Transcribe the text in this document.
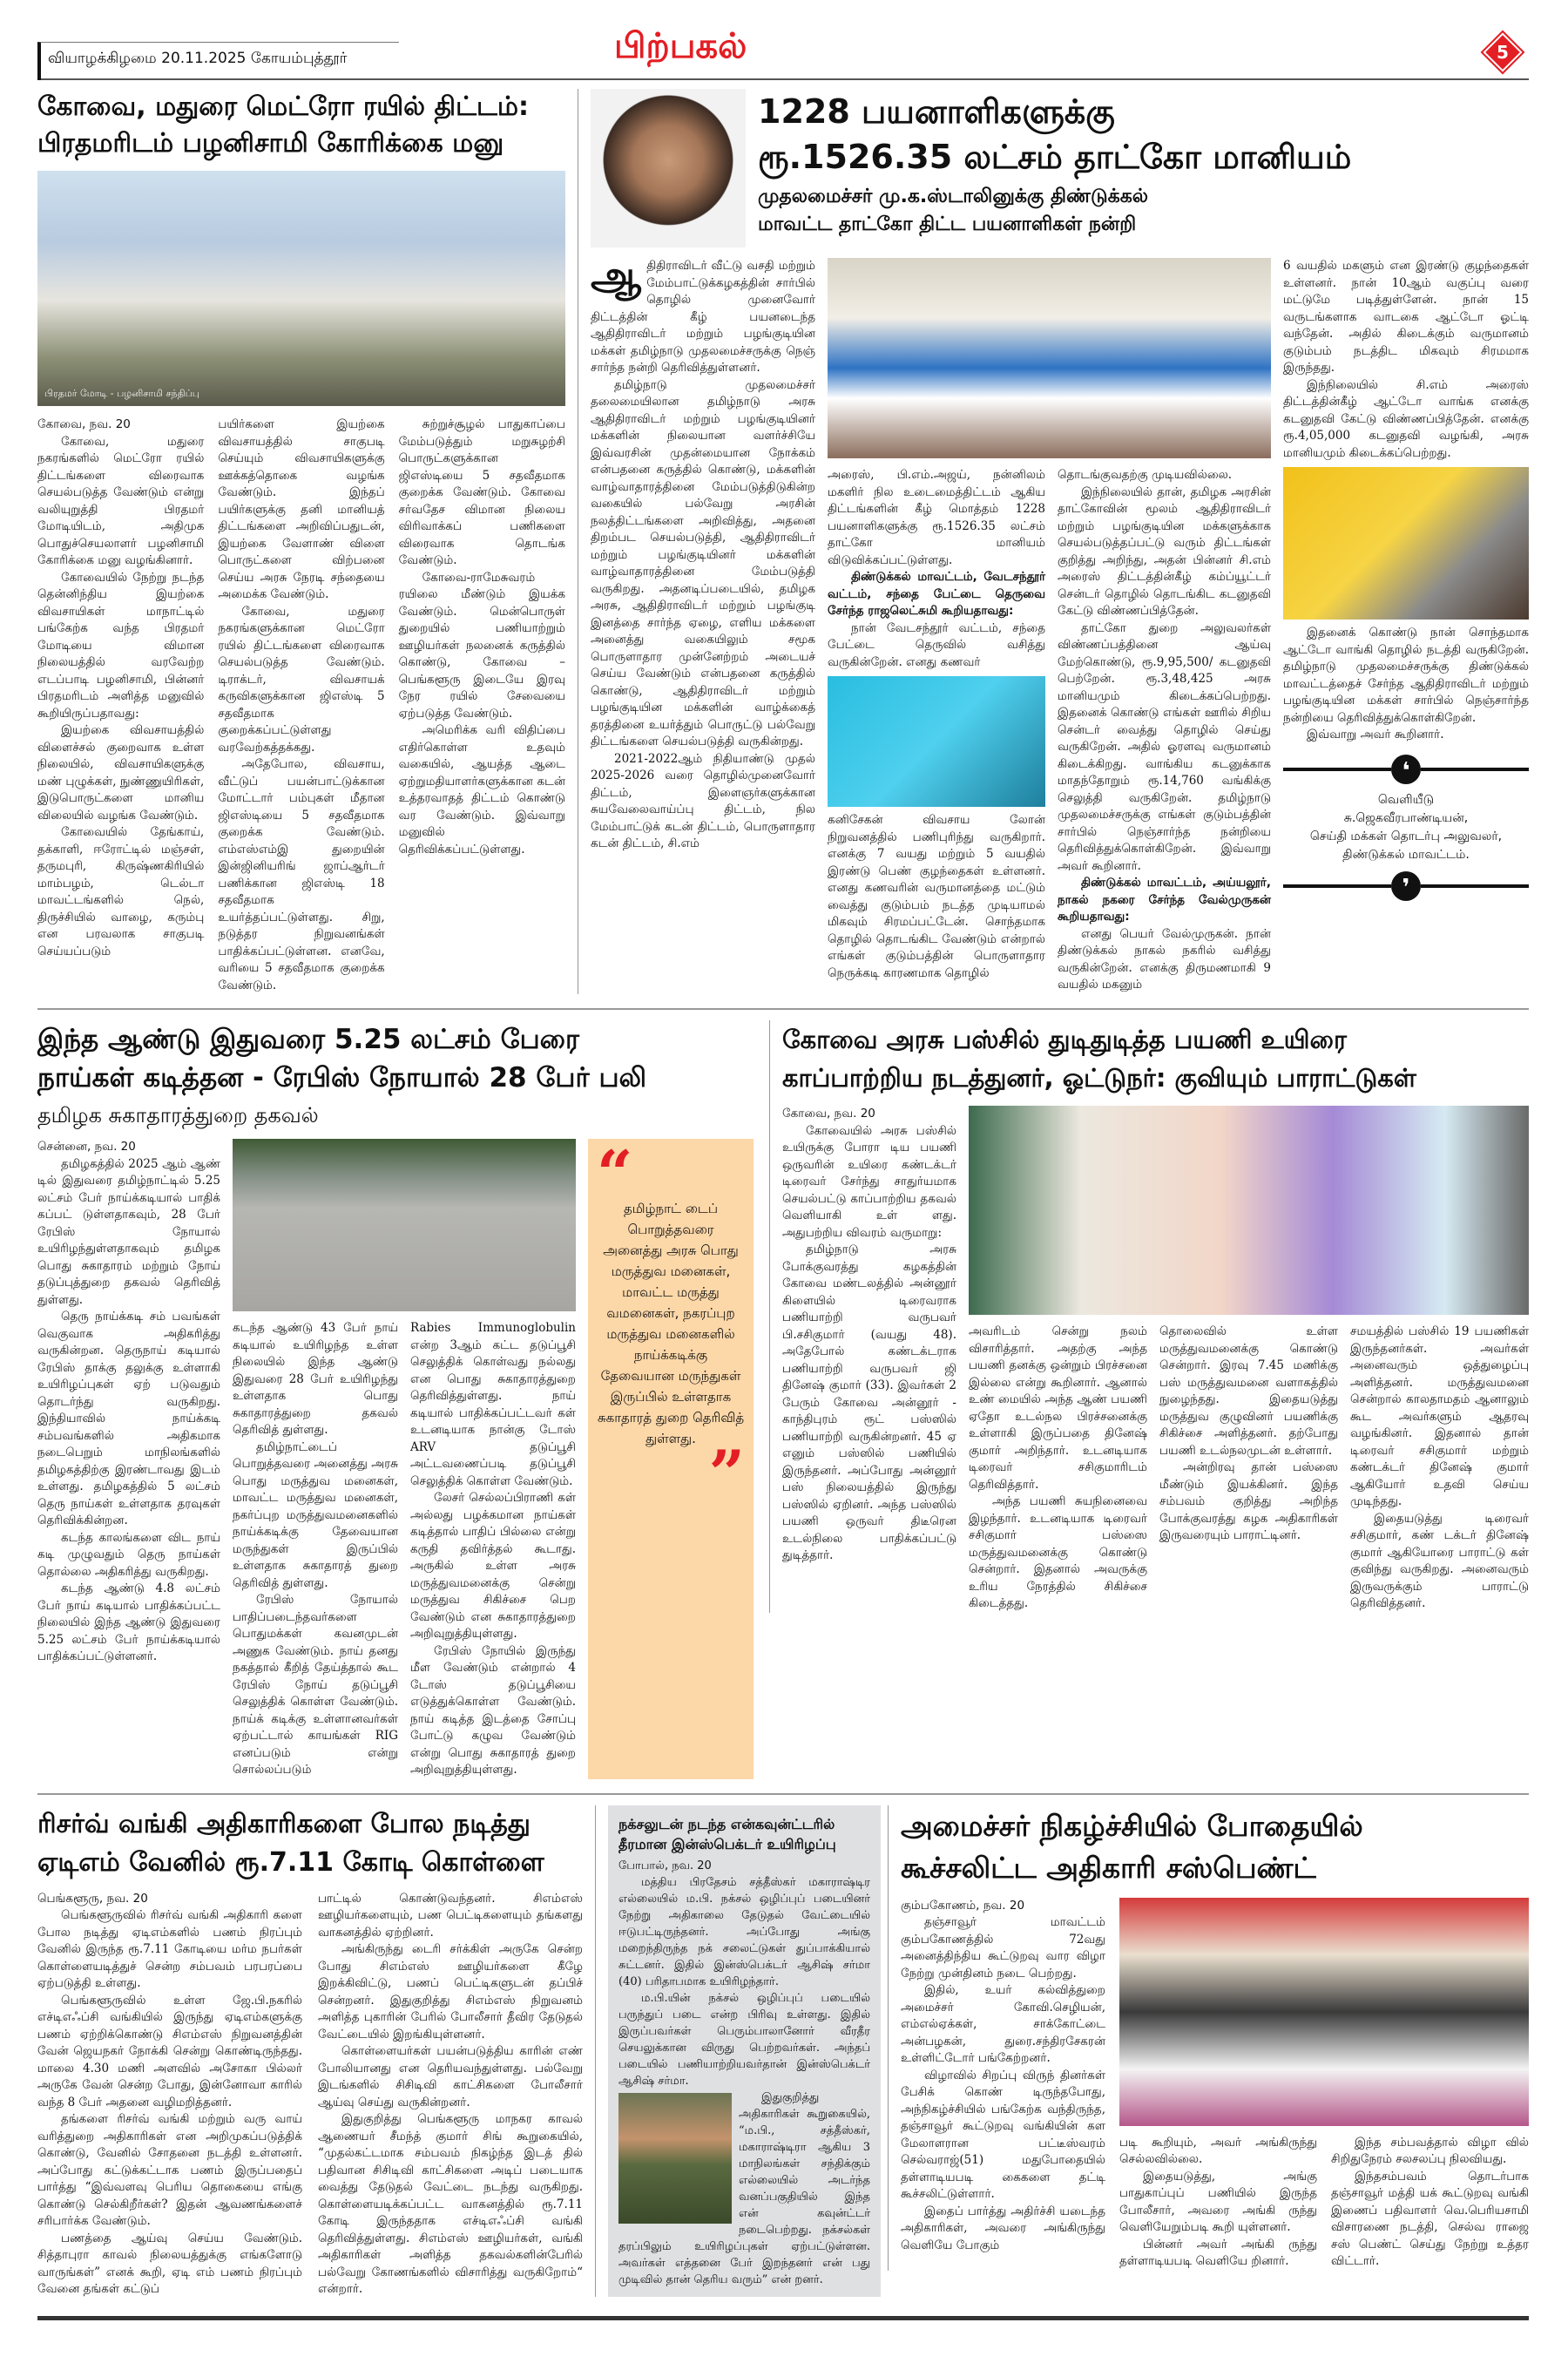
வியாழக்கிழமை 20.11.2025 கோயம்புத்தூர்	பிற்பகல்	5
கோவை, மதுரை மெட்ரோ ரயில் திட்டம்:
பிரதமரிடம் பழனிசாமி கோரிக்கை மனு
பிரதமர் மோடி - பழனிசாமி சந்திப்பு

கோவை, நவ. 20

கோவை, மதுரை நகரங்களில் மெட்ரோ ரயில் திட்டங்களை விரைவாக செயல்படுத்த வேண்டும் என்று வலியுறுத்தி பிரதமர் மோடியிடம், அதிமுக பொதுச்செயலாளர் பழனிசாமி கோரிக்கை மனு வழங்கினார்.

கோவையில் நேற்று நடந்த தென்னிந்திய இயற்கை விவசாயிகள் மாநாட்டில் பங்கேற்க வந்த பிரதமர் மோடியை விமான நிலையத்தில் வரவேற்ற எடப்பாடி பழனிசாமி, பின்னர் பிரதமரிடம் அளித்த மனுவில் கூறியிருப்பதாவது:

இயற்கை விவசாயத்தில் விளைச்சல் குறைவாக உள்ள நிலையில், விவசாயிகளுக்கு மண் புழுக்கள், நுண்ணுயிரிகள், இடுபொருட்களை மானிய விலையில் வழங்க வேண்டும்.

கோவையில் தேங்காய், தக்காளி, ஈரோட்டில் மஞ்சள், தருமபுரி, கிருஷ்ணகிரியில் மாம்பழம், டெல்டா மாவட்டங்களில் நெல், திருச்சியில் வாழை, கரும்பு என பரவலாக சாகுபடி செய்யப்படும்

பயிர்களை இயற்கை விவசாயத்தில் சாகுபடி செய்யும் விவசாயிகளுக்கு ஊக்கத்தொகை வழங்க வேண்டும். இந்தப் பயிர்களுக்கு தனி மானியத் திட்டங்களை அறிவிப்பதுடன், இயற்கை வேளாண் விளை பொருட்களை விற்பனை செய்ய அரசு நேரடி சந்தையை அமைக்க வேண்டும்.

கோவை, மதுரை நகரங்களுக்கான மெட்ரோ ரயில் திட்டங்களை விரைவாக செயல்படுத்த வேண்டும். டிராக்டர், விவசாயக் கருவிகளுக்கான ஜிஎஸ்டி 5 சதவீதமாக குறைக்கப்பட்டுள்ளது வரவேற்கத்தக்கது.

அதேபோல, விவசாய, வீட்டுப் பயன்பாட்டுக்கான மோட்டார் பம்புகள் மீதான ஜிஎஸ்டியை 5 சதவீதமாக குறைக்க வேண்டும். எம்எஸ்எம்இ துறையின் இன்ஜினியரிங் ஜாப்ஆர்டர் பணிக்கான ஜிஎஸ்டி 18 சதவீதமாக உயர்த்தப்பட்டுள்ளது. சிறு, நடுத்தர நிறுவனங்கள் பாதிக்கப்பட்டுள்ளன. எனவே, வரியை 5 சதவீதமாக குறைக்க வேண்டும்.

சுற்றுச்சூழல் பாதுகாப்பை மேம்படுத்தும் மறுசுழற்சி பொருட்களுக்கான ஜிஎஸ்டியை 5 சதவீதமாக குறைக்க வேண்டும். கோவை சர்வதேச விமான நிலைய விரிவாக்கப் பணிகளை விரைவாக தொடங்க வேண்டும்.

கோவை-ராமேசுவரம் ரயிலை மீண்டும் இயக்க வேண்டும். மென்பொருள் துறையில் பணியாற்றும் ஊழியர்கள் நலனைக் கருத்தில் கொண்டு, கோவை – பெங்களூரு இடையே இரவு நேர ரயில் சேவையை ஏற்படுத்த வேண்டும்.

அமெரிக்க வரி விதிப்பை எதிர்கொள்ள உதவும் வகையில், ஆயத்த ஆடை ஏற்றுமதியாளர்களுக்கான கடன் உத்தரவாதத் திட்டம் கொண்டு வர வேண்டும். இவ்வாறு மனுவில் தெரிவிக்கப்பட்டுள்ளது.

1228 பயனாளிகளுக்கு
ரூ.1526.35 லட்சம் தாட்கோ மானியம்
முதலமைச்சர் மு.க.ஸ்டாலினுக்கு திண்டுக்கல்
மாவட்ட தாட்கோ திட்ட பயனாளிகள் நன்றி
ஆ திதிராவிடர் வீட்டு வசதி மற்றும் மேம்பாட்டுக்கழகத்தின் சார்பில் தொழில் முனைவோர் திட்டத்தின் கீழ் பயனடைந்த ஆதிதிராவிடர் மற்றும் பழங்குடியின மக்கள் தமிழ்நாடு முதலமைச்சருக்கு நெஞ் சார்ந்த நன்றி தெரிவித்துள்ளனர்.

தமிழ்நாடு முதலமைச்சர் தலைமையிலான தமிழ்நாடு அரசு ஆதிதிராவிடர் மற்றும் பழங்குடியினர் மக்களின் நிலையான வளர்ச்சியே இவ்வரசின் முதன்மையான நோக்கம் என்பதனை கருத்தில் கொண்டு, மக்களின் வாழ்வாதாரத்தினை மேம்படுத்திடுகின்ற வகையில் பல்வேறு அரசின் நலத்திட்டங்களை அறிவித்து, அதனை திறம்பட செயல்படுத்தி, ஆதிதிராவிடர் மற்றும் பழங்குடியினர் மக்களின் வாழ்வாதாரத்தினை மேம்படுத்தி வருகிறது. அதனடிப்படையில், தமிழக அரசு, ஆதிதிராவிடர் மற்றும் பழங்குடி இனத்தை சார்ந்த ஏழை, எளிய மக்களை அனைத்து வகையிலும் சமூக பொருளாதார முன்னேற்றம் அடையச் செய்ய வேண்டும் என்பதனை கருத்தில் கொண்டு, ஆதிதிராவிடர் மற்றும் பழங்குடியின மக்களின் வாழ்க்கைத் தரத்தினை உயர்த்தும் பொருட்டு பல்வேறு திட்டங்களை செயல்படுத்தி வருகின்றது.

2021-2022ஆம் நிதியாண்டு முதல் 2025-2026 வரை தொழில்முனைவோர் திட்டம், இளைஞர்களுக்கான சுயவேலைவாய்ப்பு திட்டம், நில மேம்பாட்டுக் கடன் திட்டம், பொருளாதார கடன் திட்டம், சி.எம்

அரைஸ், பி.எம்.அஜய், நன்னிலம் மகளிர் நில உடைமைத்திட்டம் ஆகிய திட்டங்களின் கீழ் மொத்தம் 1228 பயனாளிகளுக்கு ரூ.1526.35 லட்சம் தாட்கோ மானியம் விடுவிக்கப்பட்டுள்ளது.

திண்டுக்கல் மாவட்டம், வேடசந்தூர் வட்டம், சந்தை பேட்டை தெருவை சேர்ந்த ராஜலெட்சுமி கூறியதாவது:

நான் வேடசந்தூர் வட்டம், சந்தை பேட்டை தெருவில் வசித்து வருகின்றேன். எனது கணவர்

கனிசேகன் விவசாய லோன் நிறுவனத்தில் பணிபுரிந்து வருகிறார். எனக்கு 7 வயது மற்றும் 5 வயதில் இரண்டு பெண் குழந்தைகள் உள்ளனர். எனது கணவரின் வருமானத்தை மட்டும் வைத்து குடும்பம் நடத்த முடியாமல் மிகவும் சிரமப்பட்டேன். சொந்தமாக தொழில் தொடங்கிட வேண்டும் என்றால் எங்கள் குடும்பத்தின் பொருளாதார நெருக்கடி காரணமாக தொழில்

தொடங்குவதற்கு முடியவில்லை.

இந்நிலையில் தான், தமிழக அரசின் தாட்கோவின் மூலம் ஆதிதிராவிடர் மற்றும் பழங்குடியின மக்களுக்காக செயல்படுத்தப்பட்டு வரும் திட்டங்கள் குறித்து அறிந்து, அதன் பின்னர் சி.எம் அரைஸ் திட்டத்தின்கீழ் கம்ப்யூட்டர் சென்டர் தொழில் தொடங்கிட கடனுதவி கேட்டு விண்ணப்பித்தேன்.

தாட்கோ துறை அலுவலர்கள் விண்ணப்பத்தினை ஆய்வு மேற்கொண்டு, ரூ.9,95,500/ கடனுதவி பெற்றேன். ரூ.3,48,425 அரசு மானியமும் கிடைக்கப்பெற்றது. இதனைக் கொண்டு எங்கள் ஊரில் சிறிய சென்டர் வைத்து தொழில் செய்து வருகிறேன். அதில் ஓரளவு வருமானம் கிடைக்கிறது. வாங்கிய கடனுக்காக மாதந்தோறும் ரூ.14,760 வங்கிக்கு செலுத்தி வருகிறேன். தமிழ்நாடு முதலமைச்சருக்கு எங்கள் குடும்பத்தின் சார்பில் நெஞ்சார்ந்த நன்றியை தெரிவித்துக்கொள்கிறேன். இவ்வாறு அவர் கூறினார்.

திண்டுக்கல் மாவட்டம், அய்யலூர், நாகல் நகரை சேர்ந்த வேல்முருகன் கூறியதாவது:

எனது பெயர் வேல்முருகன். நான் திண்டுக்கல் நாகல் நகரில் வசித்து வருகின்றேன். எனக்கு திருமணமாகி 9 வயதில் மகனும்

6 வயதில் மகளும் என இரண்டு குழந்தைகள் உள்ளனர். நான் 10ஆம் வகுப்பு வரை மட்டுமே படித்துள்ளேன். நான் 15 வருடங்களாக வாடகை ஆட்டோ ஓட்டி வந்தேன். அதில் கிடைக்கும் வருமானம் குடும்பம் நடத்திட மிகவும் சிரமமாக இருந்தது.

இந்நிலையில் சி.எம் அரைஸ் திட்டத்தின்கீழ் ஆட்டோ வாங்க எனக்கு கடனுதவி கேட்டு விண்ணப்பித்தேன். எனக்கு ரூ.4,05,000 கடனுதவி வழங்கி, அரசு மானியமும் கிடைக்கப்பெற்றது.

இதனைக் கொண்டு நான் சொந்தமாக ஆட்டோ வாங்கி தொழில் நடத்தி வருகிறேன். தமிழ்நாடு முதலமைச்சருக்கு திண்டுக்கல் மாவட்டத்தைச் சேர்ந்த ஆதிதிராவிடர் மற்றும் பழங்குடியின மக்கள் சார்பில் நெஞ்சார்ந்த நன்றியை தெரிவித்துக்கொள்கிறேன்.

இவ்வாறு அவர் கூறினார்.

❛
வெளியீடு
சு.ஜெகவீரபாண்டியன்,
செய்தி மக்கள் தொடர்பு அலுவலர்,
திண்டுக்கல் மாவட்டம்.
❜
இந்த ஆண்டு இதுவரை 5.25 லட்சம் பேரை
நாய்கள் கடித்தன - ரேபிஸ் நோயால் 28 பேர் பலி
தமிழக சுகாதாரத்துறை தகவல்

சென்னை, நவ. 20

தமிழகத்தில் 2025 ஆம் ஆண் டில் இதுவரை தமிழ்நாட்டில் 5.25 லட்சம் பேர் நாய்க்கடியால் பாதிக் கப்பட் டுள்ளதாகவும், 28 பேர் ரேபிஸ் நோயால் உயிரிழந்துள்ளதாகவும் தமிழக பொது சுகாதாரம் மற்றும் நோய் தடுப்புத்துறை தகவல் தெரிவித் துள்ளது.

தெரு நாய்க்கடி சம் பவங்கள் வெகுவாக அதிகரித்து வருகின்றன. தெருநாய் கடியால் ரேபிஸ் தாக்கு தலுக்கு உள்ளாகி உயிரிழப்புகள் ஏற் படுவதும் தொடர்ந்து வருகிறது. இந்தியாவில் நாய்க்கடி சம்பவங்களில் அதிகமாக நடைபெறும் மாநிலங்களில் தமிழகத்திற்கு இரண்டாவது இடம் உள்ளது. தமிழகத்தில் 5 லட்சம் தெரு நாய்கள் உள்ளதாக தரவுகள் தெரிவிக்கின்றன.

கடந்த காலங்களை விட நாய் கடி முழுவதும் தெரு நாய்கள் தொல்லை அதிகரித்து வருகிறது.

கடந்த ஆண்டு 4.8 லட்சம் பேர் நாய் கடியால் பாதிக்கப்பட்ட நிலையில் இந்த ஆண்டு இதுவரை 5.25 லட்சம் பேர் நாய்க்கடியால் பாதிக்கப்பட்டுள்ளனர்.

கடந்த ஆண்டு 43 பேர் நாய் கடியால் உயிரிழந்த உள்ள நிலையில் இந்த ஆண்டு இதுவரை 28 பேர் உயிரிழந்து உள்ளதாக பொது சுகாதாரத்துறை தகவல் தெரிவித் துள்ளது.

தமிழ்நாட்டைப் பொறுத்தவரை அனைத்து அரசு பொது மருத்துவ மனைகள், மாவட்ட மருத்துவ மனைகள், நகர்ப்புற மருத்துவமனைகளில் நாய்க்கடிக்கு தேவையான மருந்துகள் இருப்பில் உள்ளதாக சுகாதாரத் துறை தெரிவித் துள்ளது.

ரேபிஸ் நோயால் பாதிப்படைந்தவர்களை பொதுமக்கள் கவனமுடன் அணுக வேண்டும். நாய் தனது நகத்தால் கீறித் தேய்த்தால் கூட ரேபிஸ் நோய் தடுப்பூசி செலுத்திக் கொள்ள வேண்டும். நாய்க் கடிக்கு உள்ளானவர்கள் ஏற்பட்டால் காயங்கள் RIG எனப்படும் என்று சொல்லப்படும்

Rabies Immunoglobulin என்ற 3ஆம் கட்ட தடுப்பூசி செலுத்திக் கொள்வது நல்லது என பொது சுகாதாரத்துறை தெரிவித்துள்ளது. நாய் கடியால் பாதிக்கப்பட்டவர் கள் உடனடியாக நான்கு டோஸ் ARV தடுப்பூசி அட்டவணைப்படி தடுப்பூசி செலுத்திக் கொள்ள வேண்டும்.

லேசர் செல்லப்பிராணி கள் அல்லது பழக்கமான நாய்கள் கடித்தால் பாதிப் பில்லை என்று கருதி தவிர்த்தல் கூடாது. அருகில் உள்ள அரசு மருத்துவமனைக்கு சென்று மருத்துவ சிகிச்சை பெற வேண்டும் என சுகாதாரத்துறை அறிவுறுத்தியுள்ளது.

ரேபிஸ் நோயில் இருந்து மீள வேண்டும் என்றால் 4 டோஸ் தடுப்பூசியை எடுத்துக்கொள்ள வேண்டும். நாய் கடித்த இடத்தை சோப்பு போட்டு கழுவ வேண்டும் என்று பொது சுகாதாரத் துறை அறிவுறுத்தியுள்ளது.

“
தமிழ்நாட் டைப் பொறுத்தவரை அனைத்து அரசு பொது மருத்துவ மனைகள், மாவட்ட மருத்து வமனைகள், நகரப்புற மருத்துவ மனைகளில் நாய்க்கடிக்கு தேவையான மருந்துகள் இருப்பில் உள்ளதாக சுகாதாரத் துறை தெரிவித் துள்ளது. ”
கோவை அரசு பஸ்சில் துடிதுடித்த பயணி உயிரை
காப்பாற்றிய நடத்துனர், ஓட்டுநர்: குவியும் பாராட்டுகள்

கோவை, நவ. 20

கோவையில் அரசு பஸ்சில் உயிருக்கு போரா டிய பயணி ஒருவரின் உயிரை கண்டக்டர் டிரைவர் சேர்ந்து சாதுர்யமாக செயல்பட்டு காப்பாற்றிய தகவல் வெளியாகி உள் ளது. அதுபற்றிய விவரம் வருமாறு:

தமிழ்நாடு அரசு போக்குவரத்து கழகத்தின் கோவை மண்டலத்தில் அன்னூர் கிளையில் டிரைவராக பணியாற்றி வருபவர் பி.சசிகுமார் (வயது 48). அதேபோல் கண்டக்டராக பணியாற்றி வருபவர் ஜி தினேஷ் குமார் (33). இவர்கள் 2 பேரும் கோவை அன்னூர் - காந்திபுரம் ரூட் பஸ்ஸில் பணியாற்றி வருகின்றனர். 45 ஏ எனும் பஸ்ஸில் பணியில் இருந்தனர். அப்போது அன்னூர் பஸ் நிலையத்தில் இருந்து பஸ்ஸில் ஏறினர். அந்த பஸ்ஸில் பயணி ஒருவர் திடீரென உடல்நிலை பாதிக்கப்பட்டு துடித்தார்.

அவரிடம் சென்று நலம் விசாரித்தார். அதற்கு அந்த பயணி தனக்கு ஒன்றும் பிரச்சனை இல்லை என்று கூறினார். ஆனால் உண் மையில் அந்த ஆண் பயணி ஏதோ உடல்நல பிரச்சனைக்கு உள்ளாகி இருப்பதை தினேஷ் குமார் அறிந்தார். உடனடியாக டிரைவர் சசிகுமாரிடம் தெரிவித்தார்.

அந்த பயணி சுயநினைவை இழந்தார். உடனடியாக டிரைவர் சசிகுமார் பஸ்ஸை மருத்துவமனைக்கு கொண்டு சென்றார். இதனால் அவருக்கு உரிய நேரத்தில் சிகிச்சை கிடைத்தது.

தொலைவில் உள்ள மருத்துவமனைக்கு கொண்டு சென்றார். இரவு 7.45 மணிக்கு பஸ் மருத்துவமனை வளாகத்தில் நுழைந்தது. இதையடுத்து மருத்துவ குழுவினர் பயணிக்கு சிகிச்சை அளித்தனர். தற்போது பயணி உடல்நலமுடன் உள்ளார்.

அன்றிரவு தான் பஸ்ஸை மீண்டும் இயக்கினர். இந்த சம்பவம் குறித்து அறிந்த போக்குவரத்து கழக அதிகாரிகள் இருவரையும் பாராட்டினர்.

சமயத்தில் பஸ்சில் 19 பயணிகள் இருந்தனர்கள். அவர்கள் அனைவரும் ஒத்துழைப்பு அளித்தனர். மருத்துவமனை சென்றால் காலதாமதம் ஆனாலும் கூட அவர்களும் ஆதரவு வழங்கினர். இதனால் தான் டிரைவர் சசிகுமார் மற்றும் கண்டக்டர் தினேஷ் குமார் ஆகியோர் உதவி செய்ய முடிந்தது.

இதையடுத்து டிரைவர் சசிகுமார், கண் டக்டர் தினேஷ் குமார் ஆகியோரை பாராட்டு கள் குவிந்து வருகிறது. அனைவரும் இருவருக்கும் பாராட்டு தெரிவித்தனர்.

ரிசர்வ் வங்கி அதிகாரிகளை போல நடித்து
ஏடிஎம் வேனில் ரூ.7.11 கோடி கொள்ளை

பெங்களூரு, நவ. 20

பெங்களூருவில் ரிசர்வ் வங்கி அதிகாரி களை போல நடித்து ஏடிஎம்களில் பணம் நிரப்பும் வேனில் இருந்த ரூ.7.11 கோடியை மர்ம நபர்கள் கொள்ளையடித்துச் சென்ற சம்பவம் பரபரப்பை ஏற்படுத்தி உள்ளது.

பெங்களூருவில் உள்ள ஜே.பி.நகரில் எச்டிஎஃப்சி வங்கியில் இருந்து ஏடிஎம்களுக்கு பணம் ஏற்றிக்கொண்டு சிஎம்எஸ் நிறுவனத்தின் வேன் ஜெயநகர் நோக்கி சென்று கொண்டிருந்தது. மாலை 4.30 மணி அளவில் அசோகா பில்லர் அருகே வேன் சென்ற போது, இன்னோவா காரில் வந்த 8 பேர் அதனை வழிமறித்தனர்.

தங்களை ரிசர்வ் வங்கி மற்றும் வரு வாய் வரித்துறை அதிகாரிகள் என அறிமுகப்படுத்திக் கொண்டு, வேனில் சோதனை நடத்தி உள்ளனர். அப்போது கட்டுக்கட்டாக பணம் இருப்பதைப் பார்த்து “இவ்வளவு பெரிய தொகையை எங்கு கொண்டு செல்கிறீர்கள்? இதன் ஆவணங்களைச் சரிபார்க்க வேண்டும்.

பணத்தை ஆய்வு செய்ய வேண்டும். சித்தாபுரா காவல் நிலையத்துக்கு எங்களோடு வாருங்கள்” எனக் கூறி, ஏடி எம் பணம் நிரப்பும் வேனை தங்கள் கட்டுப்

பாட்டில் கொண்டுவந்தனர். சிஎம்எஸ் ஊழியர்களையும், பண பெட்டிகளையும் தங்களது வாகனத்தில் ஏற்றினர்.

அங்கிருந்து டைரி சர்க்கிள் அருகே சென்ற போது சிஎம்எஸ் ஊழியர்களை கீழே இறக்கிவிட்டு, பணப் பெட்டிகளுடன் தப்பிச் சென்றனர். இதுகுறித்து சிஎம்எஸ் நிறுவனம் அளித்த புகாரின் பேரில் போலீசார் தீவிர தேடுதல் வேட்டையில் இறங்கியுள்ளனர்.

கொள்ளையர்கள் பயன்படுத்திய காரின் எண் போலியானது என தெரியவந்துள்ளது. பல்வேறு இடங்களில் சிசிடிவி காட்சிகளை போலீசார் ஆய்வு செய்து வருகின்றனர்.

இதுகுறித்து பெங்களூரு மாநகர காவல் ஆணையர் சீமந்த் குமார் சிங் கூறுகையில், “முதல்கட்டமாக சம்பவம் நிகழ்ந்த இடத் தில் பதிவான சிசிடிவி காட்சிகளை அடிப் படையாக வைத்து தேடுதல் வேட்டை நடந்து வருகிறது. கொள்ளையடிக்கப்பட்ட வாகனத்தில் ரூ.7.11 கோடி இருந்ததாக எச்டிஎஃப்சி வங்கி தெரிவித்துள்ளது. சிஎம்எஸ் ஊழியர்கள், வங்கி அதிகாரிகள் அளித்த தகவல்களின்பேரில் பல்வேறு கோணங்களில் விசாரித்து வருகிறோம்“ என்றார்.

நக்சலுடன் நடந்த என்கவுன்ட்டரில்
தீரமான இன்ஸ்பெக்டர் உயிரிழப்பு

போபால், நவ. 20

மத்திய பிரதேசம் சத்தீஸ்கர் மகாராஷ்டிர எல்லையில் ம.பி. நக்சல் ஒழிப்புப் படையினர் நேற்று அதிகாலை தேடுதல் வேட்டையில் ஈடுபட்டிருந்தனர். அப்போது அங்கு மறைந்திருந்த நக் சலைட்டுகள் துப்பாக்கியால் சுட்டனர். இதில் இன்ஸ்பெக்டர் ஆசிஷ் சர்மா (40) பரிதாபமாக உயிரிழந்தார்.

ம.பி.யின் நக்சல் ஒழிப்புப் படையில் பருந்துப் படை என்ற பிரிவு உள்ளது. இதில் இருப்பவர்கள் பெரும்பாலானோர் வீரதீர செயலுக்கான விருது பெற்றவர்கள். அந்தப் படையில் பணியாற்றியவர்தான் இன்ஸ்பெக்டர் ஆசிஷ் சர்மா.

இதுகுறித்து அதிகாரிகள் கூறுகையில், “ம.பி., சத்தீஸ்கர், மகாராஷ்டிரா ஆகிய 3 மாநிலங்கள் சந்திக்கும் எல்லையில் அடர்ந்த வனப்பகுதியில் இந்த என் கவுன்ட்டர் நடைபெற்றது. நக்சல்கள் தரப்பிலும் உயிரிழப்புகள் ஏற்பட்டுள்ளன. அவர்கள் எத்தனை பேர் இறந்தனர் என் பது முடிவில் தான் தெரிய வரும்” என் றனர்.

அமைச்சர் நிகழ்ச்சியில் போதையில்
கூச்சலிட்ட அதிகாரி சஸ்பெண்ட்

கும்பகோணம், நவ. 20

தஞ்சாவூர் மாவட்டம் கும்பகோணத்தில் 72வது அனைத்திந்திய கூட்டுறவு வார விழா நேற்று முன்தினம் நடை பெற்றது.

இதில், உயர் கல்வித்துறை அமைச்சர் கோவி.செழியன், எம்எல்ஏக்கள், சாக்கோட்டை அன்பழகன், துரை.சந்திரசேகரன் உள்ளிட்டோர் பங்கேற்றனர்.

விழாவில் சிறப்பு விருந் தினர்கள் பேசிக் கொண் டிருந்தபோது, அந்நிகழ்ச்சியில் பங்கேற்க வந்திருந்த, தஞ்சாவூர் கூட்டுறவு வங்கியின் கள மேலாளரான பட்டீஸ்வரம் செல்வராஜ்(51) மதுபோதையில் தள்ளாடியபடி கைகளை தட்டி கூச்சலிட்டுள்ளார்.

இதைப் பார்த்து அதிர்ச்சி யடைந்த அதிகாரிகள், அவரை அங்கிருந்து வெளியே போகும்

படி கூறியும், அவர் அங்கிருந்து செல்லவில்லை.

இதையடுத்து, அங்கு பாதுகாப்புப் பணியில் இருந்த போலீசார், அவரை அங்கி ருந்து வெளியேறும்படி கூறி யுள்ளனர்.

பின்னர் அவர் அங்கி ருந்து தள்ளாடியபடி வெளியே றினார்.

இந்த சம்பவத்தால் விழா வில் சிறிதுநேரம் சலசலப்பு நிலவியது.

இந்தசம்பவம் தொடர்பாக தஞ்சாவூர் மத்தி யக் கூட்டுறவு வங்கி இணைப் பதிவாளர் வெ.பெரியசாமி விசாரணை நடத்தி, செல்வ ராஜை சஸ் பெண்ட் செய்து நேற்று உத்தர விட்டார்.
